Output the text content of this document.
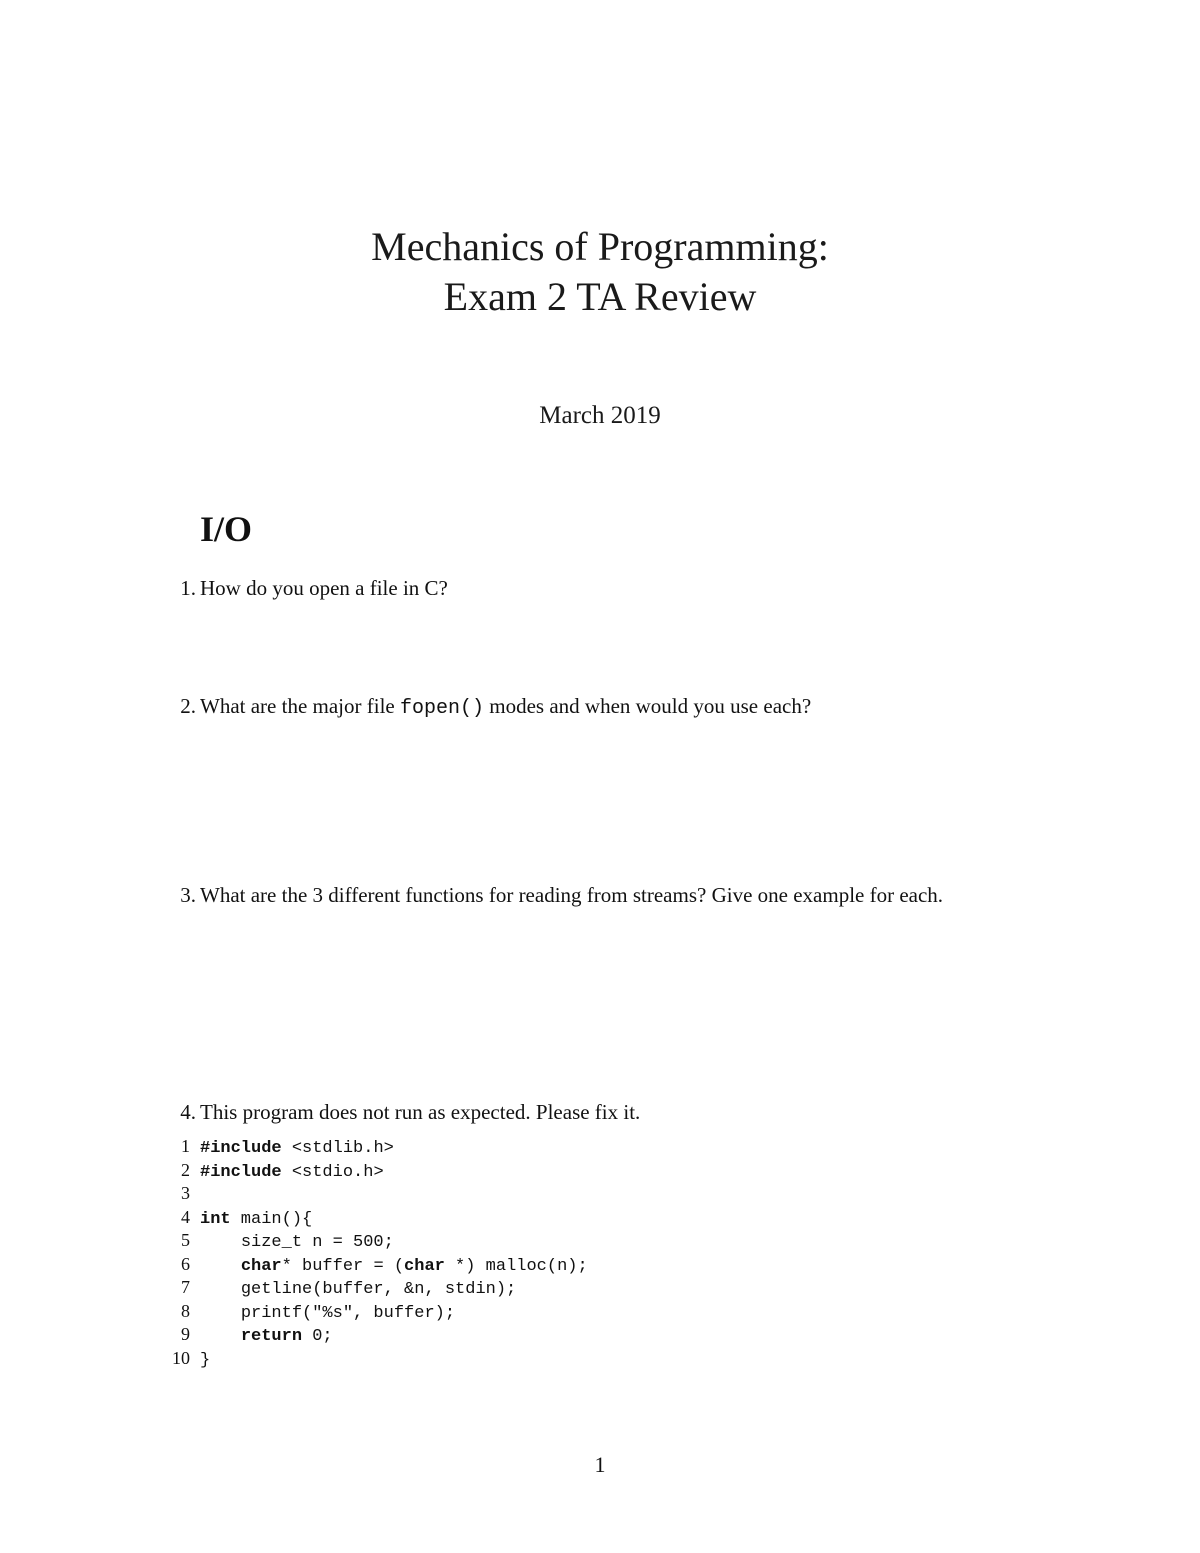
Mechanics of Programming:
Exam 2 TA Review
March 2019
I/O
1. How do you open a file in C?
2. What are the major file fopen() modes and when would you use each?
3. What are the 3 different functions for reading from streams? Give one example for each.
4. This program does not run as expected. Please fix it.
1 #include <stdlib.h>
2 #include <stdio.h>
3
4 int main(){
5	size_t n = 500;
6	char* buffer = (char *) malloc(n);
7	getline(buffer, &n, stdin);
8	printf("%s", buffer);
9	return 0;
10 }
1
